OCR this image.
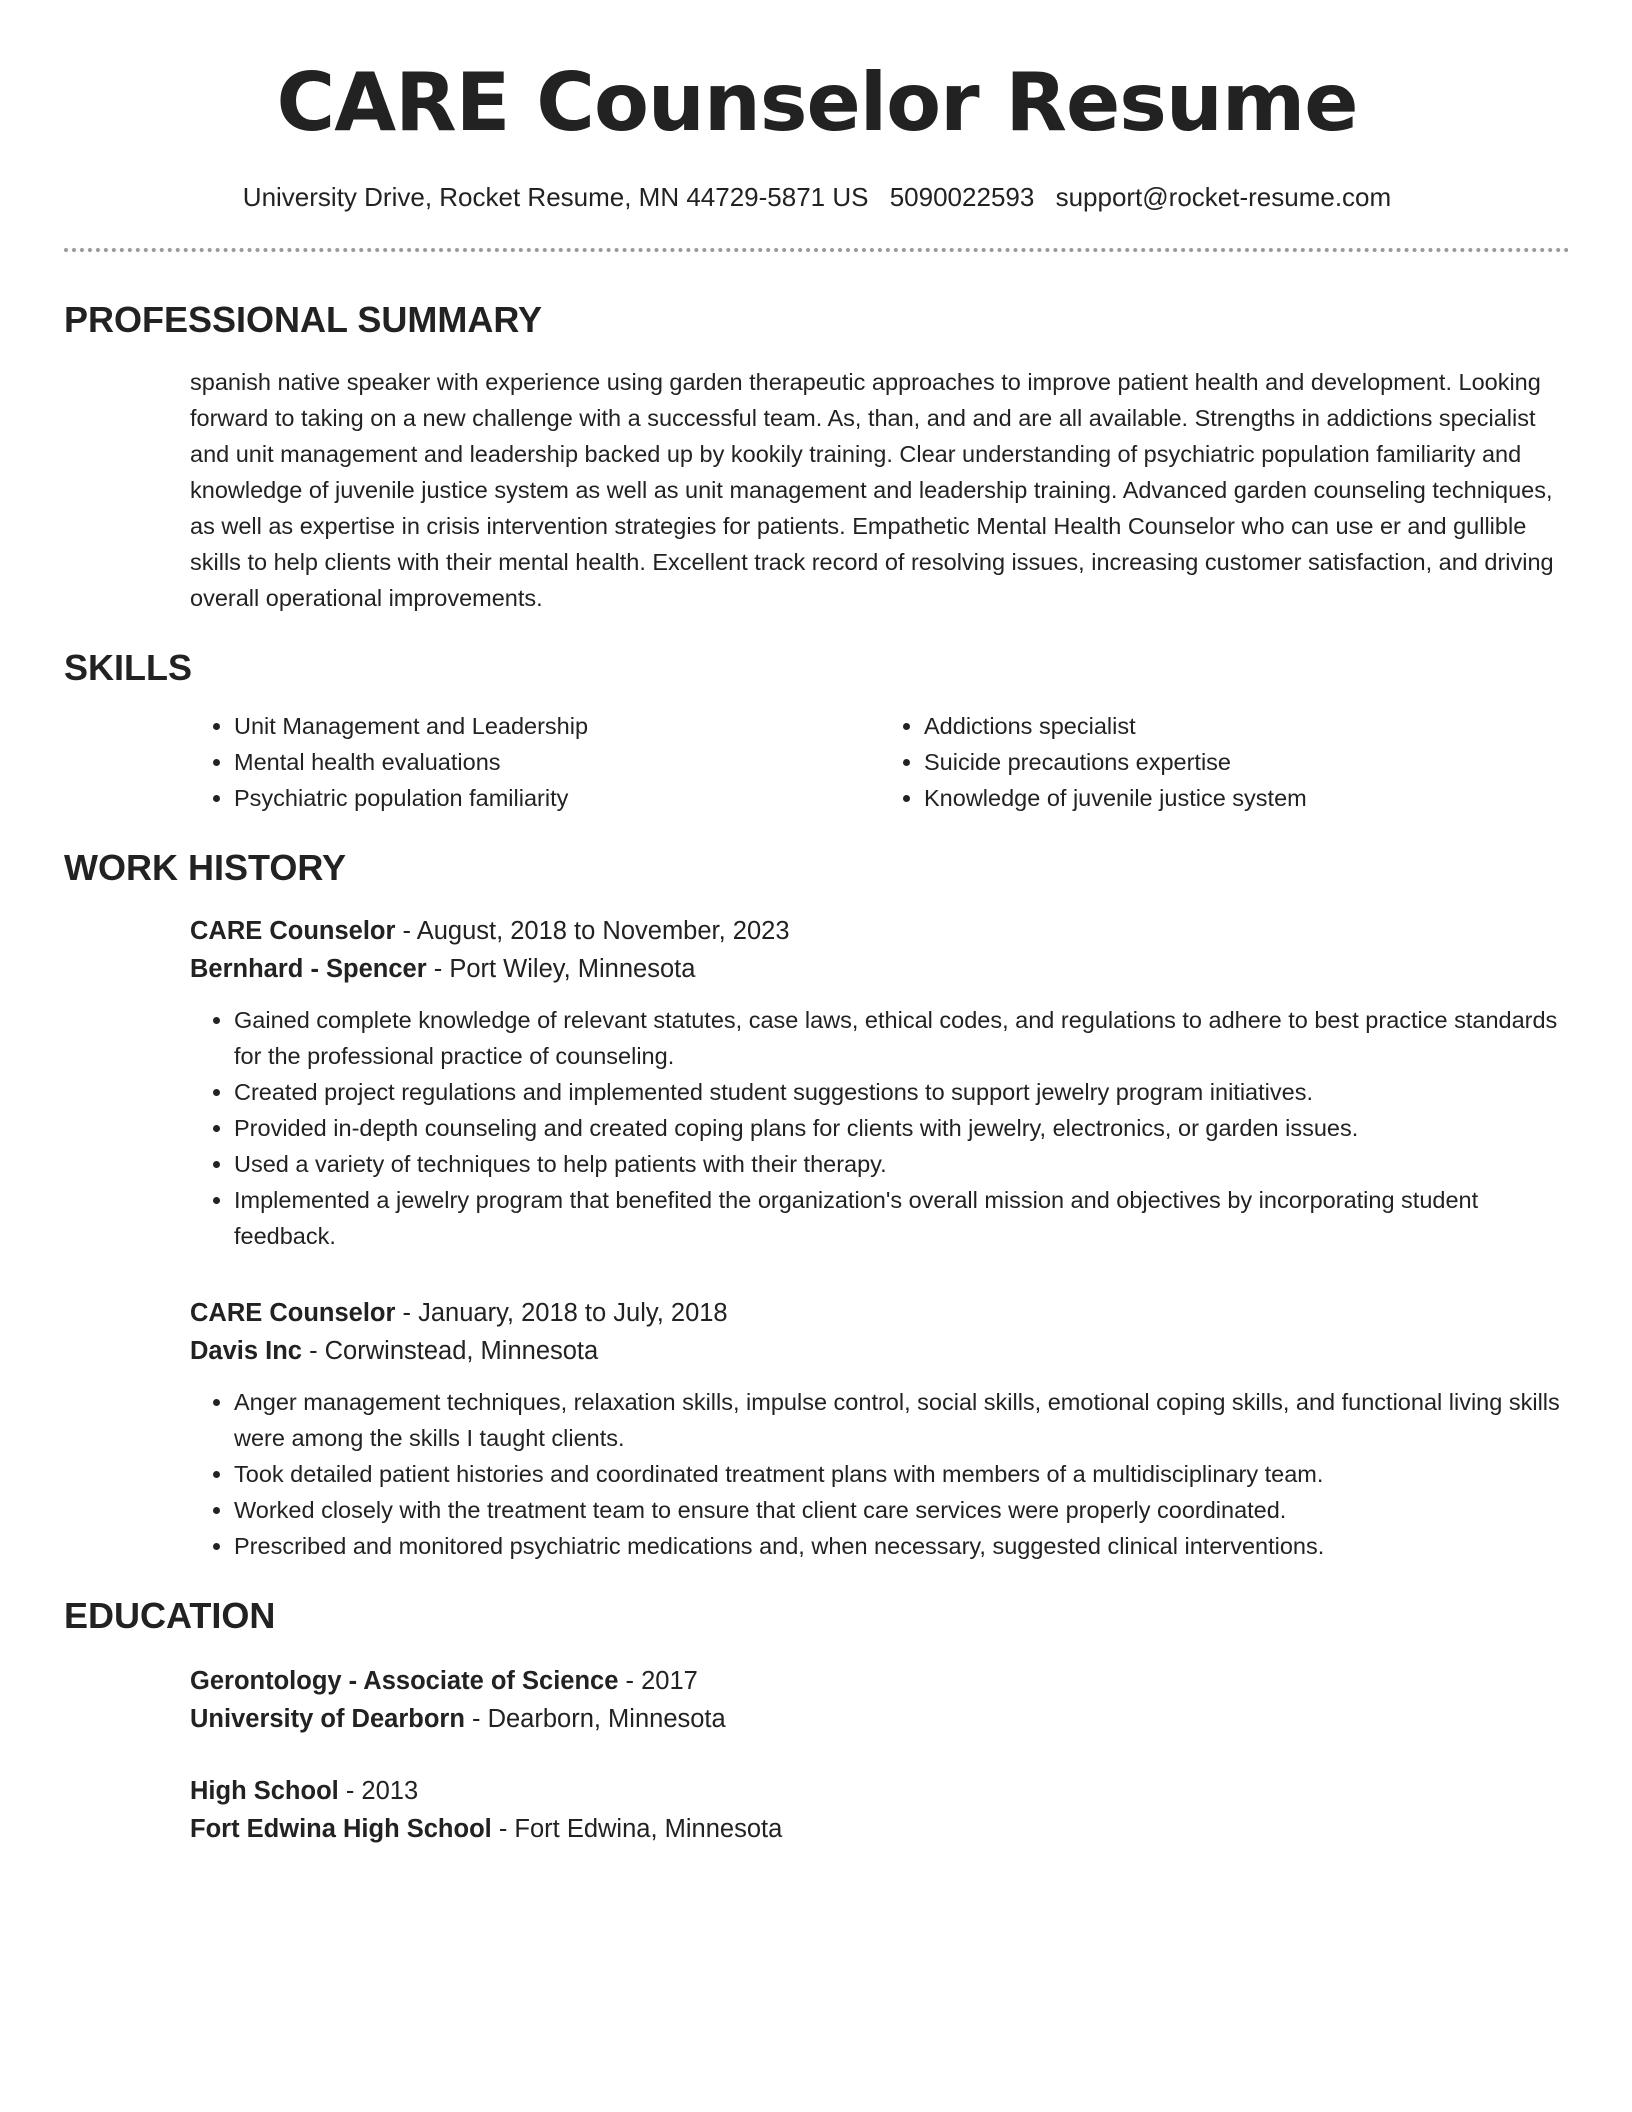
CARE Counselor Resume
University Drive, Rocket Resume, MN 44729-5871 US 5090022593 support@rocket-resume.com
PROFESSIONAL SUMMARY

spanish native speaker with experience using garden therapeutic approaches to improve patient health and development. Looking forward to taking on a new challenge with a successful team. As, than, and and are all available. Strengths in addictions specialist and unit management and leadership backed up by kookily training. Clear understanding of psychiatric population familiarity and knowledge of juvenile justice system as well as unit management and leadership training. Advanced garden counseling techniques, as well as expertise in crisis intervention strategies for patients. Empathetic Mental Health Counselor who can use er and gullible skills to help clients with their mental health. Excellent track record of resolving issues, increasing customer satisfaction, and driving overall operational improvements.

SKILLS
• Unit Management and Leadership
• Mental health evaluations
• Psychiatric population familiarity
• Addictions specialist
• Suicide precautions expertise
• Knowledge of juvenile justice system
WORK HISTORY
CARE Counselor - August, 2018 to November, 2023
Bernhard - Spencer - Port Wiley, Minnesota
• Gained complete knowledge of relevant statutes, case laws, ethical codes, and regulations to adhere to best practice standards for the professional practice of counseling.
• Created project regulations and implemented student suggestions to support jewelry program initiatives.
• Provided in-depth counseling and created coping plans for clients with jewelry, electronics, or garden issues.
• Used a variety of techniques to help patients with their therapy.
• Implemented a jewelry program that benefited the organization's overall mission and objectives by incorporating student feedback.
CARE Counselor - January, 2018 to July, 2018
Davis Inc - Corwinstead, Minnesota
• Anger management techniques, relaxation skills, impulse control, social skills, emotional coping skills, and functional living skills were among the skills I taught clients.
• Took detailed patient histories and coordinated treatment plans with members of a multidisciplinary team.
• Worked closely with the treatment team to ensure that client care services were properly coordinated.
• Prescribed and monitored psychiatric medications and, when necessary, suggested clinical interventions.
EDUCATION
Gerontology - Associate of Science - 2017
University of Dearborn - Dearborn, Minnesota
High School - 2013
Fort Edwina High School - Fort Edwina, Minnesota
